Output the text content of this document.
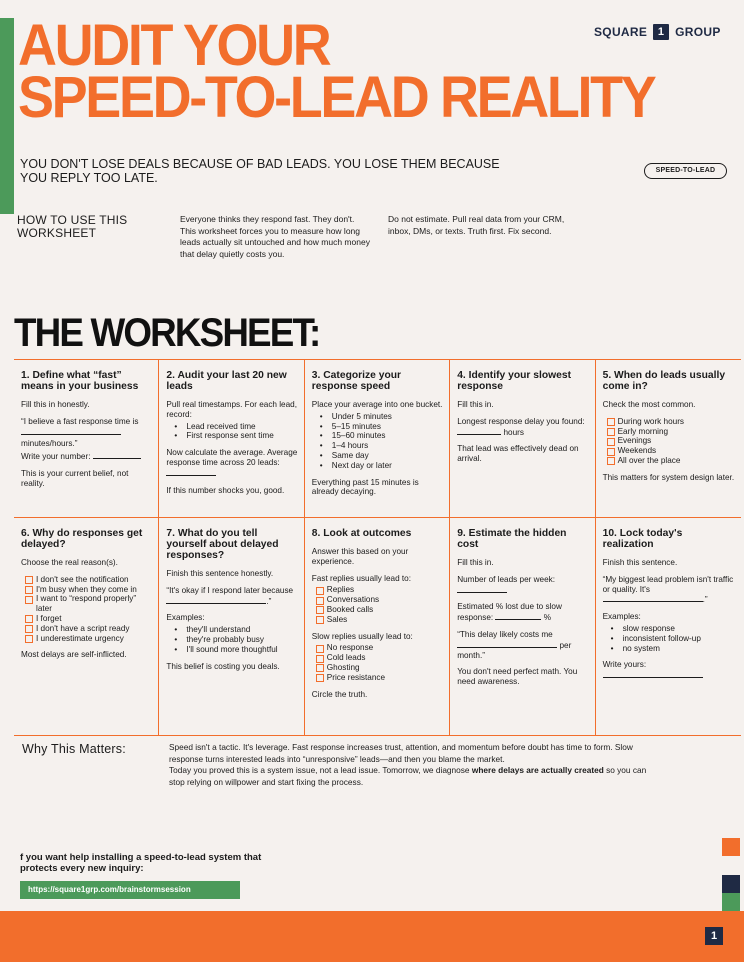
AUDIT YOUR
SPEED-TO-LEAD REALITY
SQUARE 1 GROUP
YOU DON'T LOSE DEALS BECAUSE OF BAD LEADS. YOU LOSE THEM BECAUSE YOU REPLY TOO LATE.
SPEED-TO-LEAD
HOW TO USE THIS WORKSHEET
Everyone thinks they respond fast. They don't. This worksheet forces you to measure how long leads actually sit untouched and how much money that delay quietly costs you.
Do not estimate. Pull real data from your CRM, inbox, DMs, or texts. Truth first. Fix second.
THE WORKSHEET:
1. Define what “fast” means in your business

Fill this in honestly.

“I believe a fast response time is

minutes/hours.”

Write your number:

This is your current belief, not reality.

2. Audit your last 20 new leads

Pull real timestamps. For each lead, record:

• Lead received time
• First response sent time

Now calculate the average. Average response time across 20 leads:

If this number shocks you, good.

3. Categorize your response speed

Place your average into one bucket.

• Under 5 minutes
• 5–15 minutes
• 15–60 minutes
• 1–4 hours
• Same day
• Next day or later

Everything past 15 minutes is already decaying.

4. Identify your slowest response

Fill this in.

Longest response delay you found:  hours

That lead was effectively dead on arrival.

5. When do leads usually come in?

Check the most common.

During work hours
Early morning
Evenings
Weekends
All over the place

This matters for system design later.

6. Why do responses get delayed?

Choose the real reason(s).

I don't see the notification
I'm busy when they come in
I want to “respond properly” later
I forget
I don't have a script ready
I underestimate urgency

Most delays are self-inflicted.

7. What do you tell yourself about delayed responses?

Finish this sentence honestly.

“It's okay if I respond later because
.”

Examples:

• they'll understand
• they're probably busy
• I'll sound more thoughtful

This belief is costing you deals.

8. Look at outcomes

Answer this based on your experience.

Fast replies usually lead to:

Replies
Conversations
Booked calls
Sales

Slow replies usually lead to:

No response
Cold leads
Ghosting
Price resistance

Circle the truth.

9. Estimate the hidden cost

Fill this in.

Number of leads per week:

Estimated % lost due to slow response:	%

“This delay likely costs me
per month.”

You don't need perfect math. You need awareness.

10. Lock today's realization

Finish this sentence.

“My biggest lead problem isn't traffic or quality. It's .”

Examples:

• slow response
• inconsistent follow-up
• no system

Write yours:

Why This Matters:	Speed isn't a tactic. It's leverage. Fast response increases trust, attention, and momentum before doubt has time to form. Slow response turns interested leads into “unresponsive” leads—and then you blame the market.
Today you proved this is a system issue, not a lead issue. Tomorrow, we diagnose where delays are actually created so you can stop relying on willpower and start fixing the process.
f you want help installing a speed-to-lead system that protects every new inquiry:
https://square1grp.com/brainstormsession
1
